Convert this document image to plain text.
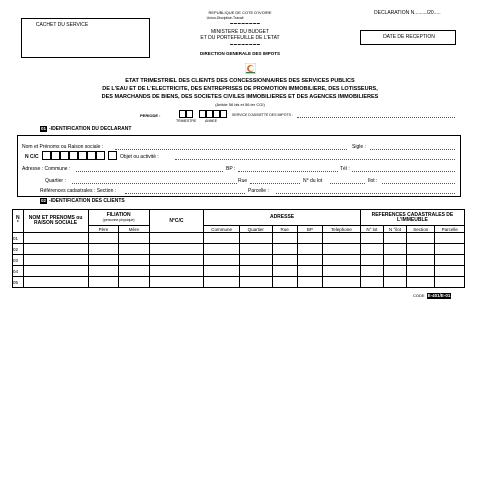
CACHET DU SERVICE
REPUBLIQUE DE COTE D'IVOIRE
Union-Discipline-Travail
▬ ▬ ▬ ▬ ▬ ▬ ▬ ▬
MINISTERE DU BUDGET
ET DU PORTEFEUILLE DE L'ETAT
▬ ▬ ▬ ▬ ▬ ▬ ▬ ▬
DIRECTION GENERALE DES IMPOTS
DECLARATION N........./20.....
DATE DE RECEPTION
ETAT TRIMESTRIEL DES CLIENTS DES CONCESSIONNAIRES DES SERVICES PUBLICS
DE L'EAU ET DE L'ELECTRICITE, DES ENTREPRISES DE PROMOTION IMMOBILIERE, DES LOTISSEURS,
DES MARCHANDS DE BIENS, DES SOCIETES CIVILES IMMOBILIERES ET DES AGENCES IMMOBILIERES
(Article 56 bis et 56 ter CGI)
PERIODE :
TRIMESTRE	ANNEE
SERVICE D'ASSIETTE DES IMPOTS :
01 -IDENTIFICATION DU DECLARANT
Nom et Prénoms ou Raison sociale :	Sigle :
N C/C	Objet ou activité :
Adresse : Commune :	BP :	Tél :
Quartier :	Rue	N° du lot	Ilot :
Références cadastrales : Section :	Parcelle :
02 -IDENTIFICATION DES CLIENTS
N
°	NOM ET PRENOMS ou RAISON SOCIALE	FILIATION
(personne physique)		N°C/C	ADRESSE					REFERENCES CADASTRALES DE L'IMMEUBLE			
		Père	Mère		Commune	Quartier	Rue	BP	Telephone	N° lot	N °ilot	Section	Parcelle
01													
02													
03													
04													
05													
CODE E-401/E-01
